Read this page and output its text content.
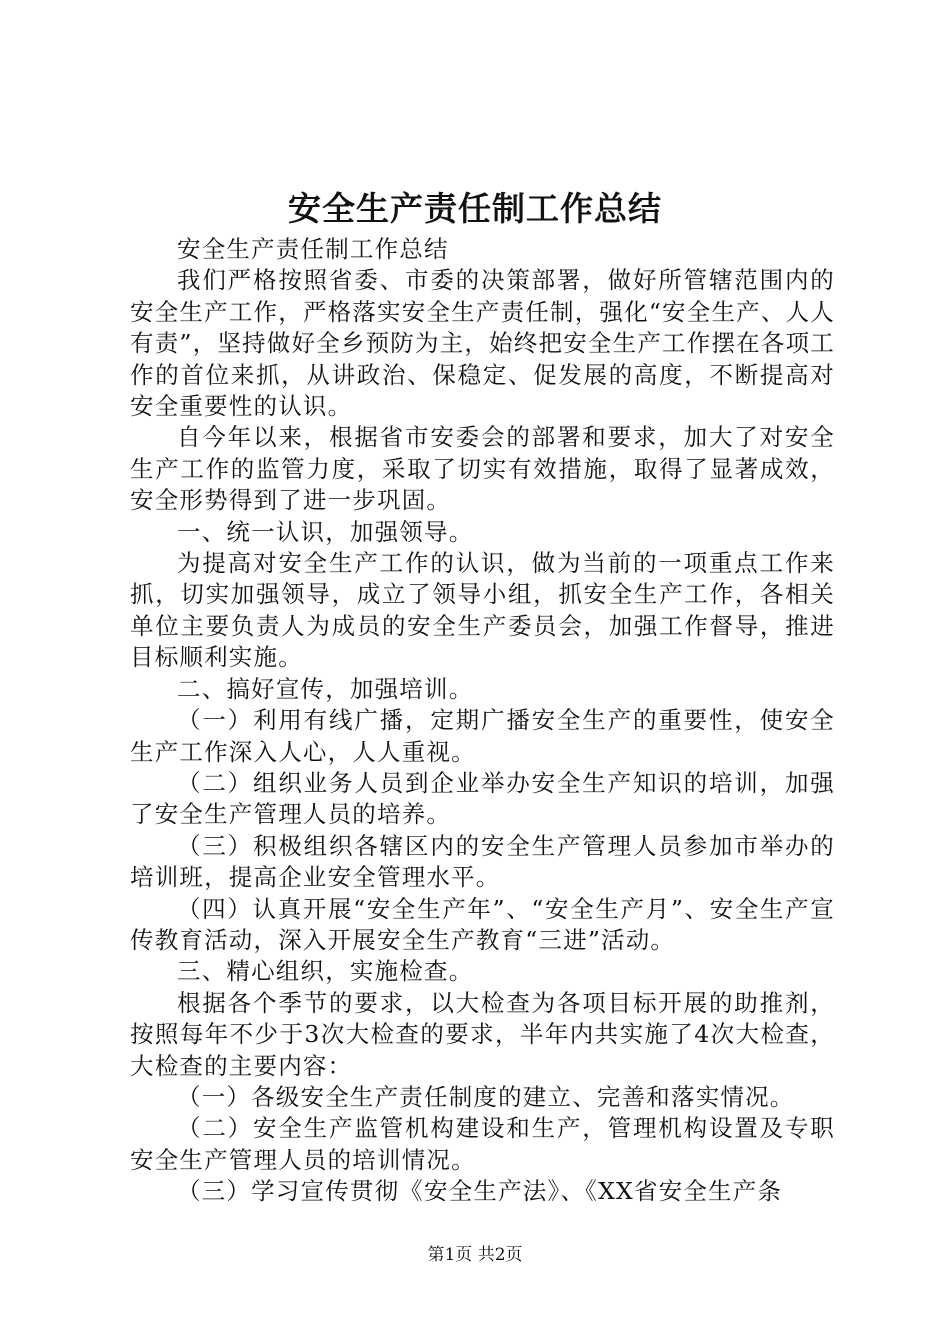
安全生产责任制工作总结

安全生产责任制工作总结

我们严格按照省委、市委的决策部署，做好所管辖范围内的安全生产工作，严格落实安全生产责任制，强化“安全生产、人人有责”，坚持做好全乡预防为主，始终把安全生产工作摆在各项工作的首位来抓，从讲政治、保稳定、促发展的高度，不断提高对安全重要性的认识。

自今年以来，根据省市安委会的部署和要求，加大了对安全生产工作的监管力度，采取了切实有效措施，取得了显著成效，安全形势得到了进一步巩固。

一、统一认识，加强领导。

为提高对安全生产工作的认识，做为当前的一项重点工作来抓，切实加强领导，成立了领导小组，抓安全生产工作，各相关单位主要负责人为成员的安全生产委员会，加强工作督导，推进目标顺利实施。

二、搞好宣传，加强培训。

（一）利用有线广播，定期广播安全生产的重要性，使安全生产工作深入人心，人人重视。

（二）组织业务人员到企业举办安全生产知识的培训，加强了安全生产管理人员的培养。

（三）积极组织各辖区内的安全生产管理人员参加市举办的培训班，提高企业安全管理水平。

（四）认真开展“安全生产年”、“安全生产月”、安全生产宣传教育活动，深入开展安全生产教育“三进”活动。

三、精心组织，实施检查。

根据各个季节的要求，以大检查为各项目标开展的助推剂，按照每年不少于3次大检查的要求，半年内共实施了4次大检查，大检查的主要内容：

（一）各级安全生产责任制度的建立、完善和落实情况。

（二）安全生产监管机构建设和生产，管理机构设置及专职安全生产管理人员的培训情况。

（三）学习宣传贯彻《安全生产法》、《XX省安全生产条

第1页 共2页
